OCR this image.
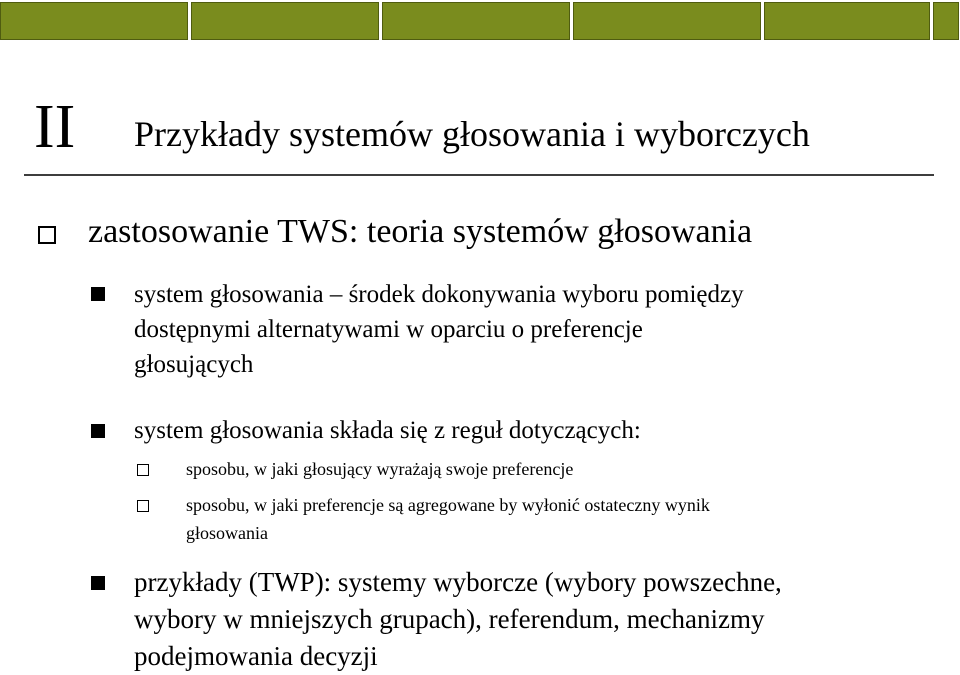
II Przykłady systemów głosowania i wyborczych
zastosowanie TWS: teoria systemów głosowania
system głosowania – środek dokonywania wyboru pomiędzy
dostępnymi alternatywami w oparciu o preferencje
głosujących
system głosowania składa się z reguł dotyczących:
sposobu, w jaki głosujący wyrażają swoje preferencje
sposobu, w jaki preferencje są agregowane by wyłonić ostateczny wynik
głosowania
przykłady (TWP): systemy wyborcze (wybory powszechne,
wybory w mniejszych grupach), referendum, mechanizmy
podejmowania decyzji
